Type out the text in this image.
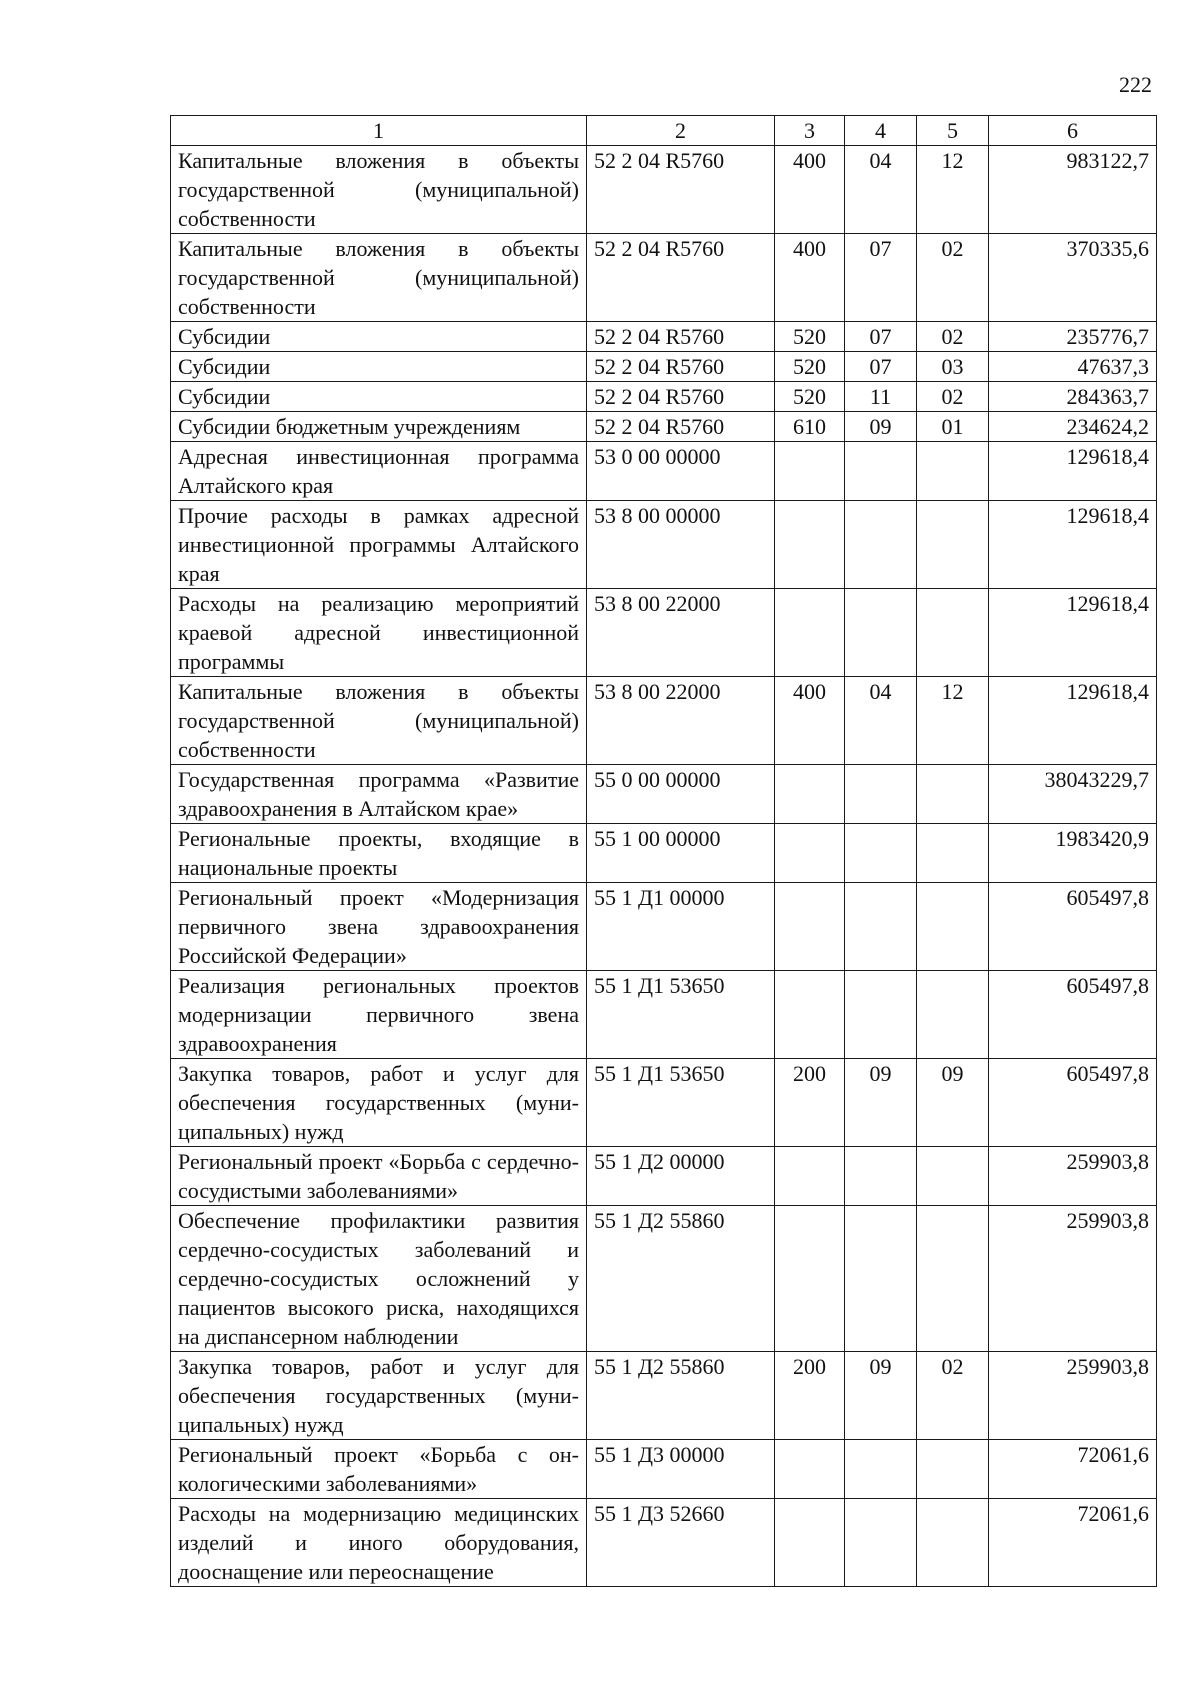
222
1	2	3	4	5	6
Капитальные вложения в объекты государственной (муниципальной) собственности	52 2 04 R5760	400	04	12	983122,7
Капитальные вложения в объекты государственной (муниципальной) собственности	52 2 04 R5760	400	07	02	370335,6
Субсидии	52 2 04 R5760	520	07	02	235776,7
Субсидии	52 2 04 R5760	520	07	03	47637,3
Субсидии	52 2 04 R5760	520	11	02	284363,7
Субсидии бюджетным учреждениям	52 2 04 R5760	610	09	01	234624,2
Адресная инвестиционная программа Алтайского края	53 0 00 00000				129618,4
Прочие расходы в рамках адресной инвестиционной программы Алтайского края	53 8 00 00000				129618,4
Расходы на реализацию мероприятий краевой адресной инвестиционной программы	53 8 00 22000				129618,4
Капитальные вложения в объекты государственной (муниципальной) собственности	53 8 00 22000	400	04	12	129618,4
Государственная программа «Развитие здравоохранения в Алтайском крае»	55 0 00 00000				38043229,7
Региональные проекты, входящие в национальные проекты	55 1 00 00000				1983420,9
Региональный проект «Модернизация первичного звена здравоохранения Российской Федерации»	55 1 Д1 00000				605497,8
Реализация региональных проектов модернизации первичного звена здравоохранения	55 1 Д1 53650				605497,8
Закупка товаров, работ и услуг для обеспечения государственных (муниципальных) нужд	55 1 Д1 53650	200	09	09	605497,8
Региональный проект «Борьба с сердечно-сосудистыми заболеваниями»	55 1 Д2 00000				259903,8
Обеспечение профилактики развития сердечно-сосудистых заболеваний и сердечно-сосудистых осложнений у пациентов высокого риска, находящихся на диспансерном наблюдении	55 1 Д2 55860				259903,8
Закупка товаров, работ и услуг для обеспечения государственных (муниципальных) нужд	55 1 Д2 55860	200	09	02	259903,8
Региональный проект «Борьба с онкологическими заболеваниями»	55 1 Д3 00000				72061,6
Расходы на модернизацию медицинских изделий и иного оборудования, дооснащение или переоснащение	55 1 Д3 52660				72061,6
